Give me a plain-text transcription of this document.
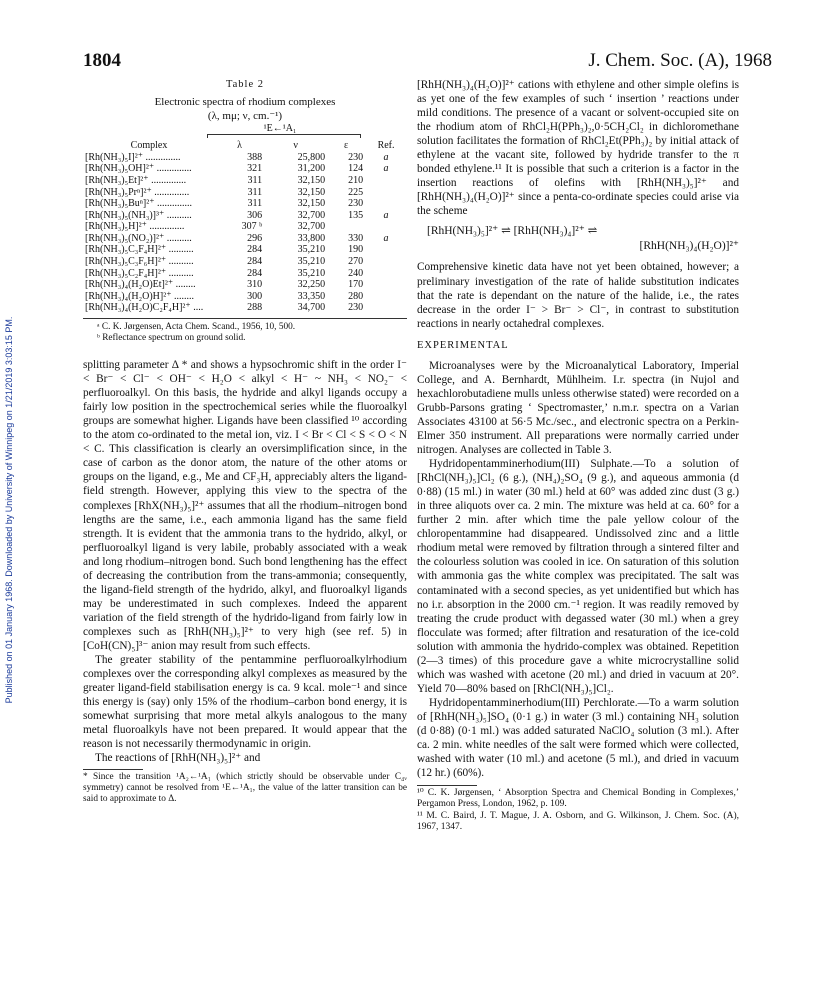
Published on 01 January 1968. Downloaded by University of Winnipeg on 1/21/2019 3:03:15 PM.
1804	J. Chem. Soc. (A), 1968
Table 2
Electronic spectra of rhodium complexes
(λ, mμ; ν, cm.⁻¹)
¹E←¹A₁
Complex	λ	ν	ε	Ref.
[Rh(NH₃)₅I]²⁺ ..............	388	25,800	230	a
[Rh(NH₃)₅OH]²⁺ ..............	321	31,200	124	a
[Rh(NH₃)₅Et]²⁺ ..............	311	32,150	210	
[Rh(NH₃)₅Prⁿ]²⁺ ..............	311	32,150	225	
[Rh(NH₃)₅Buⁿ]²⁺ ..............	311	32,150	230	
[Rh(NH₃)₅(NH₃)]³⁺ ..........	306	32,700	135	a
[Rh(NH₃)₅H]²⁺ ..............	307 ᵇ	32,700		
[Rh(NH₃)₅(NO₂)]²⁺ ..........	296	33,800	330	a
[Rh(NH₃)₅C₃F₄H]²⁺ ..........	284	35,210	190	
[Rh(NH₃)₅C₃F₆H]²⁺ ..........	284	35,210	270	
[Rh(NH₃)₅C₂F₄H]²⁺ ..........	284	35,210	240	
[Rh(NH₃)₄(H₂O)Et]²⁺ ........	310	32,250	170	
[Rh(NH₃)₄(H₂O)H]²⁺ ........	300	33,350	280	
[Rh(NH₃)₄(H₂O)C₂F₄H]²⁺ ....	288	34,700	230	
ᵃ C. K. Jørgensen, Acta Chem. Scand., 1956, 10, 500.
ᵇ Reflectance spectrum on ground solid.

splitting parameter Δ * and shows a hypsochromic shift in the order I⁻ < Br⁻ < Cl⁻ < OH⁻ < H₂O < alkyl < H⁻ ~ NH₃ < NO₂⁻ < perfluoroalkyl. On this basis, the hydride and alkyl ligands occupy a fairly low position in the spectrochemical series while the fluoroalkyl groups are somewhat higher. Ligands have been classified ¹⁰ according to the atom co-ordinated to the metal ion, viz. I < Br < Cl < S < O < N < C. This classification is clearly an oversimplification since, in the case of carbon as the donor atom, the nature of the other atoms or groups on the ligand, e.g., Me and CF₃H, appreciably alters the ligand-field strength. However, applying this view to the spectra of the complexes [RhX(NH₃)₅]²⁺ assumes that all the rhodium–nitrogen bond lengths are the same, i.e., each ammonia ligand has the same field strength. It is evident that the ammonia trans to the hydrido, alkyl, or perfluoroalkyl ligand is very labile, probably associated with a weak and long rhodium–nitrogen bond. Such bond lengthening has the effect of decreasing the contribution from the trans-ammonia; consequently, the ligand-field strength of the hydrido, alkyl, and fluoroalkyl ligands may be underestimated in such complexes. Indeed the apparent variation of the field strength of the hydrido-ligand from fairly low in complexes such as [RhH(NH₃)₅]²⁺ to very high (see ref. 5) in [CoH(CN)₅]³⁻ anion may result from such effects.

The greater stability of the pentammine perfluoroalkylrhodium complexes over the corresponding alkyl complexes as measured by the greater ligand-field stabilisation energy is ca. 9 kcal. mole⁻¹ and since this energy is (say) only 15% of the rhodium–carbon bond energy, it is somewhat surprising that more metal alkyls analogous to the many metal fluoroalkyls have not been prepared. It would appear that the reason is not necessarily thermodynamic in origin.

The reactions of [RhH(NH₃)₅]²⁺ and

* Since the transition ¹A₂←¹A₁ (which strictly should be observable under C₄ᵥ symmetry) cannot be resolved from ¹E←¹A₁, the value of the latter transition can be said to approximate to Δ.

[RhH(NH₃)₄(H₂O)]²⁺ cations with ethylene and other simple olefins is as yet one of the few examples of such ‘ insertion ’ reactions under mild conditions. The presence of a vacant or solvent-occupied site on the rhodium atom of RhCl₂H(PPh₃)₂,0·5CH₂Cl₂ in dichloromethane solution facilitates the formation of RhCl₂Et(PPh₃)₂ by initial attack of ethylene at the vacant site, followed by hydride transfer to the π bonded ethylene.¹¹ It is possible that such a criterion is a factor in the insertion reactions of olefins with [RhH(NH₃)₅]²⁺ and [RhH(NH₃)₄(H₂O)]²⁺ since a penta-co-ordinate species could arise via the scheme

[RhH(NH₃)₅]²⁺ ⇌ [RhH(NH₃)₄]²⁺ ⇌
[RhH(NH₃)₄(H₂O)]²⁺

Comprehensive kinetic data have not yet been obtained, however; a preliminary investigation of the rate of halide substitution indicates that the rate is dependant on the nature of the halide, i.e., the rates decrease in the order I⁻ > Br⁻ > Cl⁻, in contrast to substitution reactions in nearly octahedral complexes.

EXPERIMENTAL

Microanalyses were by the Microanalytical Laboratory, Imperial College, and A. Bernhardt, Mühlheim. I.r. spectra (in Nujol and hexachlorobutadiene mulls unless otherwise stated) were recorded on a Grubb-Parsons grating ‘ Spectromaster,’ n.m.r. spectra on a Varian Associates 43100 at 56·5 Mc./sec., and electronic spectra on a Perkin-Elmer 350 instrument. All preparations were normally carried under nitrogen. Analyses are collected in Table 3.

Hydridopentamminerhodium(III) Sulphate.—To a solution of [RhCl(NH₃)₅]Cl₂ (6 g.), (NH₄)₂SO₄ (9 g.), and aqueous ammonia (d 0·88) (15 ml.) in water (30 ml.) held at 60° was added zinc dust (3 g.) in three aliquots over ca. 2 min. The mixture was held at ca. 60° for a further 2 min. after which time the pale yellow colour of the chloropentammine had disappeared. Undissolved zinc and a little rhodium metal were removed by filtration through a sintered filter and the colourless solution was cooled in ice. On saturation of this solution with ammonia gas the white complex was precipitated. The salt was contaminated with a second species, as yet unidentified but which has no i.r. absorption in the 2000 cm.⁻¹ region. It was readily removed by treating the crude product with degassed water (30 ml.) when a grey flocculate was formed; after filtration and resaturation of the ice-cold solution with ammonia the hydrido-complex was obtained. Repetition (2—3 times) of this procedure gave a white microcrystalline solid which was washed with acetone (20 ml.) and dried in vacuum at 20°. Yield 70—80% based on [RhCl(NH₃)₅]Cl₂.

Hydridopentamminerhodium(III) Perchlorate.—To a warm solution of [RhH(NH₃)₅]SO₄ (0·1 g.) in water (3 ml.) containing NH₃ solution (d 0·88) (0·1 ml.) was added saturated NaClO₄ solution (3 ml.). After ca. 2 min. white needles of the salt were formed which were collected, washed with water (10 ml.) and acetone (5 ml.), and dried in vacuum (12 hr.) (60%).

¹⁰ C. K. Jørgensen, ‘ Absorption Spectra and Chemical Bonding in Complexes,’ Pergamon Press, London, 1962, p. 109.
¹¹ M. C. Baird, J. T. Mague, J. A. Osborn, and G. Wilkinson, J. Chem. Soc. (A), 1967, 1347.
